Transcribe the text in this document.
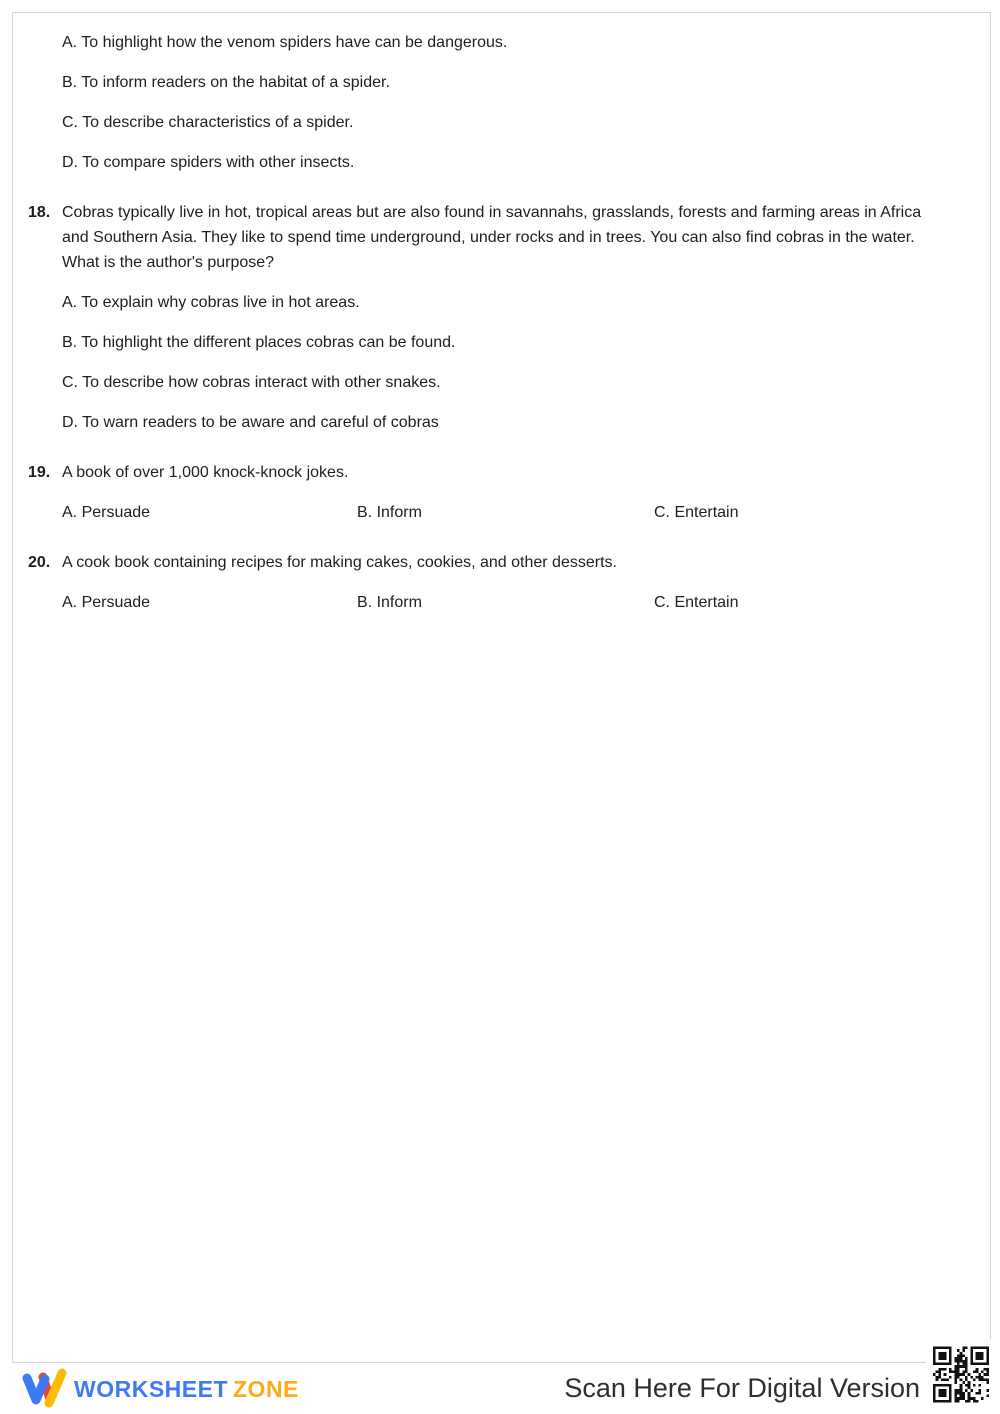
A. To highlight how the venom spiders have can be dangerous.

B. To inform readers on the habitat of a spider.

C. To describe characteristics of a spider.

D. To compare spiders with other insects.

18. Cobras typically live in hot, tropical areas but are also found in savannahs, grasslands, forests and farming areas in Africa and Southern Asia. They like to spend time underground, under rocks and in trees. You can also find cobras in the water. What is the author's purpose?

A. To explain why cobras live in hot areas.

B. To highlight the different places cobras can be found.

C. To describe how cobras interact with other snakes.

D. To warn readers to be aware and careful of cobras

19. A book of over 1,000 knock-knock jokes.
A. Persuade	B. Inform	C. Entertain
20. A cook book containing recipes for making cakes, cookies, and other desserts.
A. Persuade	B. Inform	C. Entertain
WORKSHEET ZONE	Scan Here For Digital Version
